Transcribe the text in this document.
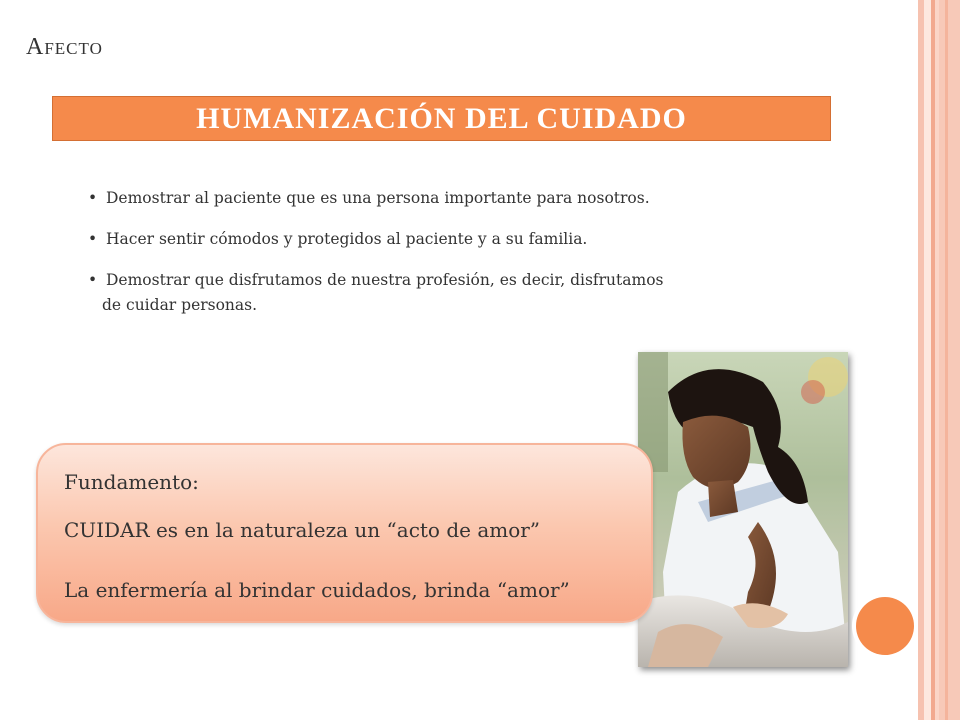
Afecto
HUMANIZACIÓN DEL CUIDADO
• Demostrar al paciente que es una persona importante para nosotros.
• Hacer sentir cómodos y protegidos al paciente y a su familia.
• Demostrar que disfrutamos de nuestra profesión, es decir, disfrutamos
de cuidar personas.

Fundamento:

CUIDAR es en la naturaleza un “acto de amor”

La enfermería al brindar cuidados, brinda “amor”
